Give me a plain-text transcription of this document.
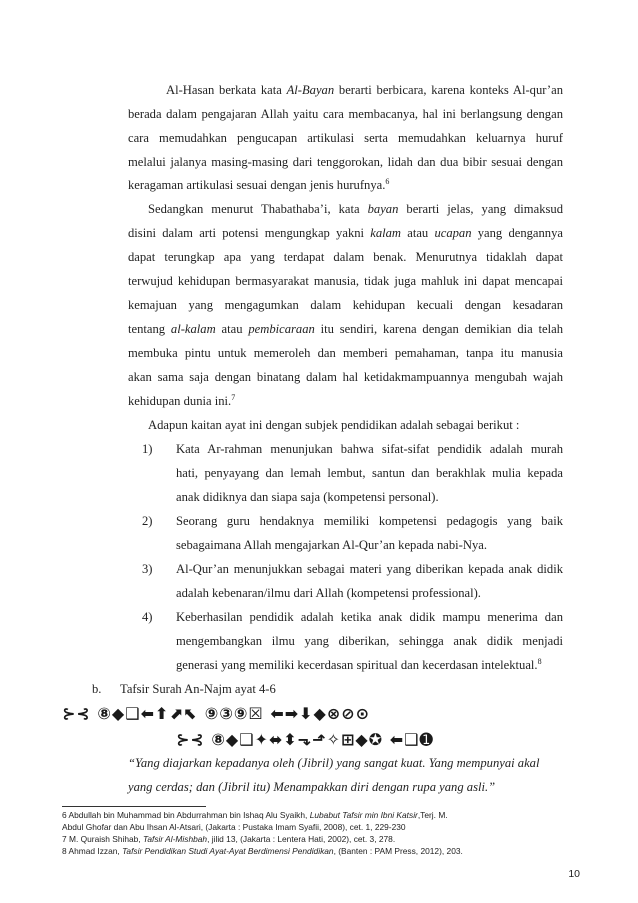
Al-Hasan berkata kata Al-Bayan berarti berbicara, karena konteks Al-qur’an
berada dalam pengajaran Allah yaitu cara membacanya, hal ini berlangsung dengan
cara memudahkan pengucapan artikulasi serta memudahkan keluarnya huruf
melalui jalanya masing-masing dari tenggorokan, lidah dan dua bibir sesuai dengan
keragaman artikulasi sesuai dengan jenis hurufnya.$^6$
Sedangkan menurut Thabathaba’i, kata bayan berarti jelas, yang dimaksud
disini dalam arti potensi mengungkap yakni kalam atau ucapan yang dengannya
dapat terungkap apa yang terdapat dalam benak. Menurutnya tidaklah dapat
terwujud kehidupan bermasyarakat manusia, tidak juga mahluk ini dapat mencapai
kemajuan yang mengagumkan dalam kehidupan kecuali dengan kesadaran
tentang al-kalam atau pembicaraan itu sendiri, karena dengan demikian dia telah
membuka pintu untuk memeroleh dan memberi pemahaman, tanpa itu manusia
akan sama saja dengan binatang dalam hal ketidakmampuannya mengubah wajah
kehidupan dunia ini.$^7$
Adapun kaitan ayat ini dengan subjek pendidikan adalah sebagai berikut :
1) Kata Ar-rahman menunjukan bahwa sifat-sifat pendidik adalah murah
hati, penyayang dan lemah lembut, santun dan berakhlak mulia kepada
anak didiknya dan siapa saja (kompetensi personal).
2) Seorang guru hendaknya memiliki kompetensi pedagogis yang baik
sebagaimana Allah mengajarkan Al-Qur’an kepada nabi-Nya.
3) Al-Qur’an menunjukkan sebagai materi yang diberikan kepada anak didik
adalah kebenaran/ilmu dari Allah (kompetensi professional).
4) Keberhasilan pendidik adalah ketika anak didik mampu menerima dan
mengembangkan ilmu yang diberikan, sehingga anak didik menjadi
generasi yang memiliki kecerdasan spiritual dan kecerdasan intelektual.$^8$
b. Tafsir Surah An-Najm ayat 4-6
⊱⊰ ⑧◆❑⬅⬆⬈⬉ ⑨③⑨☒ ⬅➡⬇◆⊗⊘⊙
⊱⊰ ⑧◆❑✦⬌⬍⬎⬏✧⊞◆✪ ⬅❑➊
“Yang diajarkan kepadanya oleh (Jibril) yang sangat kuat. Yang mempunyai akal
yang cerdas; dan (Jibril itu) Menampakkan diri dengan rupa yang asli.”
6 Abdullah bin Muhammad bin Abdurrahman bin Ishaq Alu Syaikh, Lubabut Tafsir min Ibni Katsir,Terj. M.
Abdul Ghofar dan Abu Ihsan Al-Atsari, (Jakarta : Pustaka Imam Syafii, 2008), cet. 1, 229-230
7 M. Quraish Shihab, Tafsir Al-Mishbah, jilid 13, (Jakarta : Lentera Hati, 2002), cet. 3, 278.
8 Ahmad Izzan, Tafsir Pendidikan Studi Ayat-Ayat Berdimensi Pendidikan, (Banten : PAM Press, 2012), 203.
10
